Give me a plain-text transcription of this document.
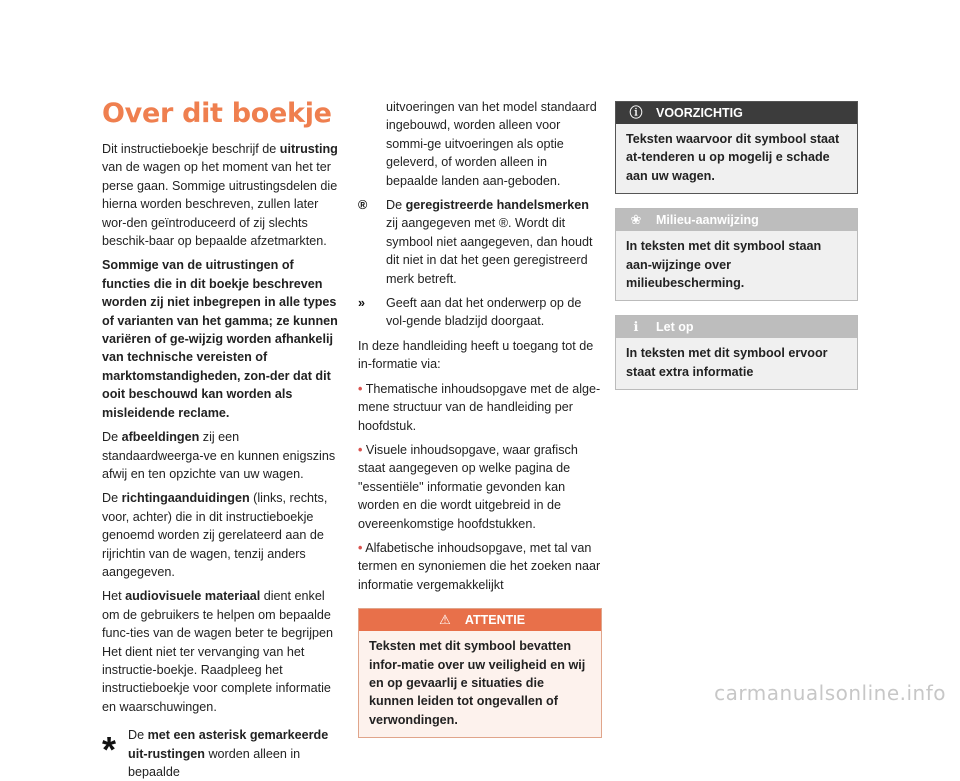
Over dit boekje

Dit instructieboekje beschrijf de uitrusting van de wagen op het moment van het ter perse gaan. Sommige uitrustingsdelen die hierna worden beschreven, zullen later wor-den geïntroduceerd of zij slechts beschik-baar op bepaalde afzetmarkten.

Sommige van de uitrustingen of functies die in dit boekje beschreven worden zij niet inbegrepen in alle types of varianten van het gamma; ze kunnen variëren of ge-wijzig worden afhankelij van technische vereisten of marktomstandigheden, zon-der dat dit ooit beschouwd kan worden als misleidende reclame.

De afbeeldingen zij een standaardweerga-ve en kunnen enigszins afwij en ten opzichte van uw wagen.

De richtingaanduidingen (links, rechts, voor, achter) die in dit instructieboekje genoemd worden zij gerelateerd aan de rijrichtin van de wagen, tenzij anders aangegeven.

Het audiovisuele materiaal dient enkel om de gebruikers te helpen om bepaalde func-ties van de wagen beter te begrijpen Het dient niet ter vervanging van het instructie-boekje. Raadpleeg het instructieboekje voor complete informatie en waarschuwingen.

* De met een asterisk gemarkeerde uit-rustingen worden alleen in bepaalde
uitvoeringen van het model standaard ingebouwd, worden alleen voor sommi-ge uitvoeringen als optie geleverd, of worden alleen in bepaalde landen aan-geboden.
®	De geregistreerde handelsmerken zij aangegeven met ®. Wordt dit symbool niet aangegeven, dan houdt dit niet in dat het geen geregistreerd merk betreft.
»	Geeft aan dat het onderwerp op de vol-gende bladzijd doorgaat.

In deze handleiding heeft u toegang tot de in-formatie via:

• Thematische inhoudsopgave met de alge-mene structuur van de handleiding per hoofdstuk.

• Visuele inhoudsopgave, waar grafisch staat aangegeven op welke pagina de "essentiële" informatie gevonden kan worden en die wordt uitgebreid in de overeenkomstige hoofdstukken.

• Alfabetische inhoudsopgave, met tal van termen en synoniemen die het zoeken naar informatie vergemakkelijkt

⚠	ATTENTIE
Teksten met dit symbool bevatten infor-matie over uw veiligheid en wij en op gevaarlij e situaties die kunnen leiden tot ongevallen of verwondingen.
ⓘ VOORZICHTIG
Teksten waarvoor dit symbool staat at-tenderen u op mogelij e schade aan uw wagen.
❀	Milieu-aanwijzing
In teksten met dit symbool staan aan-wijzinge over milieubescherming.
ℹ	Let op
In teksten met dit symbool ervoor staat extra informatie
carmanualsonline.info
